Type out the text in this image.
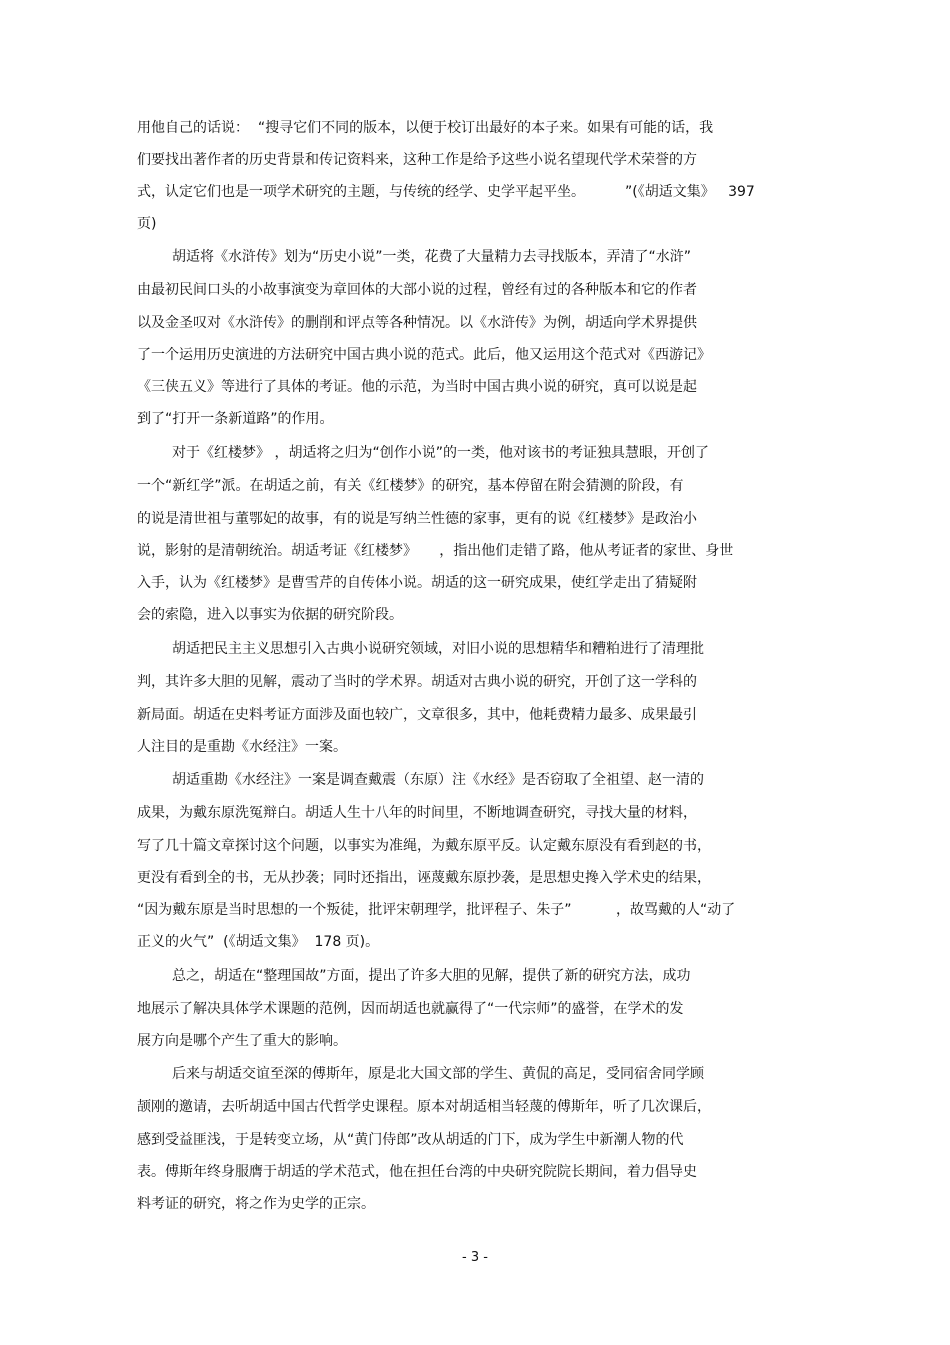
用他自己的话说：  “搜寻它们不同的版本，以便于校订出最好的本子来。如果有可能的话，我
们要找出著作者的历史背景和传记资料来，这种工作是给予这些小说名望现代学术荣誉的方
式，认定它们也是一项学术研究的主题，与传统的经学、史学平起平坐。         ”(《胡适文集》   397
页)
胡适将《水浒传》划为“历史小说”一类，花费了大量精力去寻找版本，弄清了“水浒”
由最初民间口头的小故事演变为章回体的大部小说的过程，曾经有过的各种版本和它的作者
以及金圣叹对《水浒传》的删削和评点等各种情况。以《水浒传》为例，胡适向学术界提供
了一个运用历史演进的方法研究中国古典小说的范式。此后，他又运用这个范式对《西游记》
《三侠五义》等进行了具体的考证。他的示范，为当时中国古典小说的研究，真可以说是起
到了“打开一条新道路”的作用。
对于《红楼梦》 ，胡适将之归为“创作小说”的一类，他对该书的考证独具慧眼，开创了
一个“新红学”派。在胡适之前，有关《红楼梦》的研究，基本停留在附会猜测的阶段，有
的说是清世祖与董鄂妃的故事，有的说是写纳兰性德的家事，更有的说《红楼梦》是政治小
说，影射的是清朝统治。胡适考证《红楼梦》     ，指出他们走错了路，他从考证者的家世、身世
入手，认为《红楼梦》是曹雪芹的自传体小说。胡适的这一研究成果，使红学走出了猜疑附
会的索隐，进入以事实为依据的研究阶段。
胡适把民主主义思想引入古典小说研究领域，对旧小说的思想精华和糟粕进行了清理批
判，其许多大胆的见解，震动了当时的学术界。胡适对古典小说的研究，开创了这一学科的
新局面。胡适在史料考证方面涉及面也较广，文章很多，其中，他耗费精力最多、成果最引
人注目的是重勘《水经注》一案。
胡适重勘《水经注》一案是调查戴震（东原）注《水经》是否窃取了全祖望、赵一清的
成果，为戴东原洗冤辩白。胡适人生十八年的时间里，不断地调查研究，寻找大量的材料，
写了几十篇文章探讨这个问题，以事实为准绳，为戴东原平反。认定戴东原没有看到赵的书，
更没有看到全的书，无从抄袭；同时还指出，诬蔑戴东原抄袭，是思想史搀入学术史的结果，
“因为戴东原是当时思想的一个叛徒，批评宋朝理学，批评程子、朱子”          ，故骂戴的人“动了
正义的火气”  (《胡适文集》  178 页)。
总之，胡适在“整理国故”方面，提出了许多大胆的见解，提供了新的研究方法，成功
地展示了解决具体学术课题的范例，因而胡适也就赢得了“一代宗师”的盛誉，在学术的发
展方向是哪个产生了重大的影响。
后来与胡适交谊至深的傅斯年，原是北大国文部的学生、黄侃的高足，受同宿舍同学顾
颉刚的邀请，去听胡适中国古代哲学史课程。原本对胡适相当轻蔑的傅斯年，听了几次课后，
感到受益匪浅，于是转变立场，从“黄门侍郎”改从胡适的门下，成为学生中新潮人物的代
表。傅斯年终身服膺于胡适的学术范式，他在担任台湾的中央研究院院长期间，着力倡导史
料考证的研究，将之作为史学的正宗。
- 3 -
